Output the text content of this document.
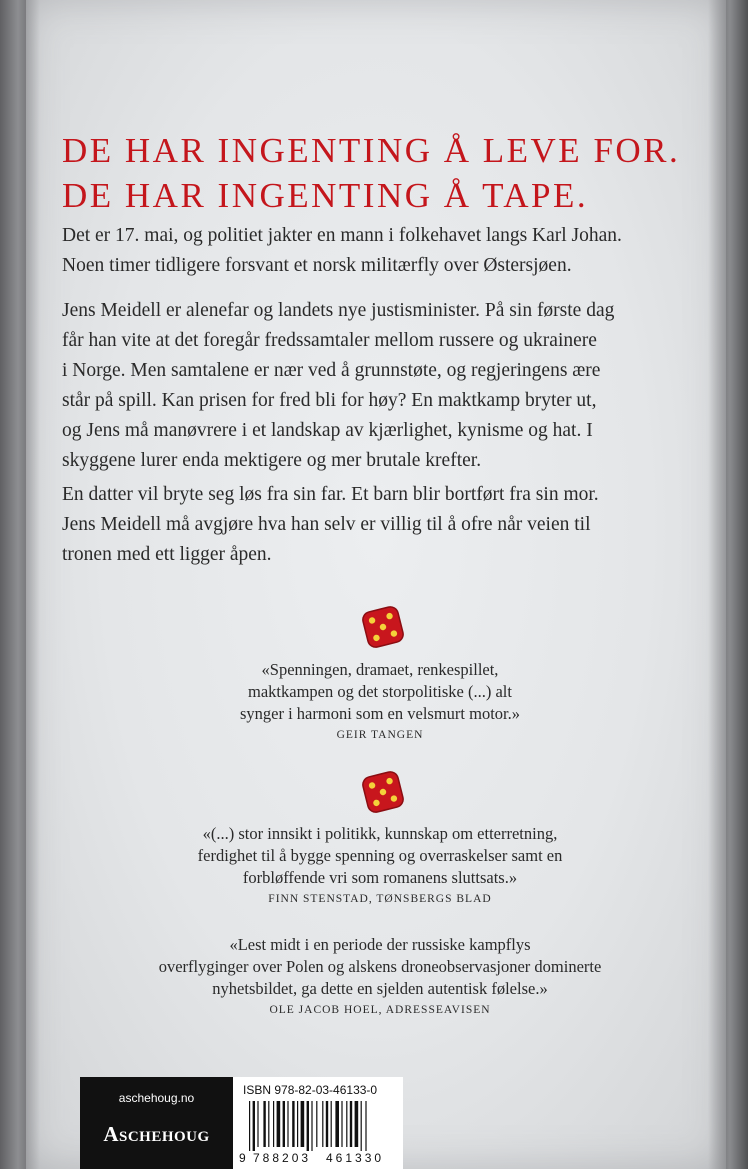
DE HAR INGENTING Å LEVE FOR.
DE HAR INGENTING Å TAPE.

Det er 17. mai, og politiet jakter en mann i folkehavet langs Karl Johan.
Noen timer tidligere forsvant et norsk militærfly over Østersjøen.

Jens Meidell er alenefar og landets nye justisminister. På sin første dag
får han vite at det foregår fredssamtaler mellom russere og ukrainere
i Norge. Men samtalene er nær ved å grunnstøte, og regjeringens ære
står på spill. Kan prisen for fred bli for høy? En maktkamp bryter ut,
og Jens må manøvrere i et landskap av kjærlighet, kynisme og hat. I
skyggene lurer enda mektigere og mer brutale krefter.

En datter vil bryte seg løs fra sin far. Et barn blir bortført fra sin mor.
Jens Meidell må avgjøre hva han selv er villig til å ofre når veien til
tronen med ett ligger åpen.

«Spenningen, dramaet, renkespillet,
maktkampen og det storpolitiske (...) alt
synger i harmoni som en velsmurt motor.»
GEIR TANGEN
«(...) stor innsikt i politikk, kunnskap om etterretning,
ferdighet til å bygge spenning og overraskelser samt en
forbløffende vri som romanens sluttsats.»
FINN STENSTAD, TØNSBERGS BLAD
«Lest midt i en periode der russiske kampflys
overflyginger over Polen og alskens droneobservasjoner dominerte
nyhetsbildet, ga dette en sjelden autentisk følelse.»
OLE JACOB HOEL, ADRESSEAVISEN
aschehoug.no
Aschehoug
ISBN 978-82-03-46133-0
9 788203	461330
